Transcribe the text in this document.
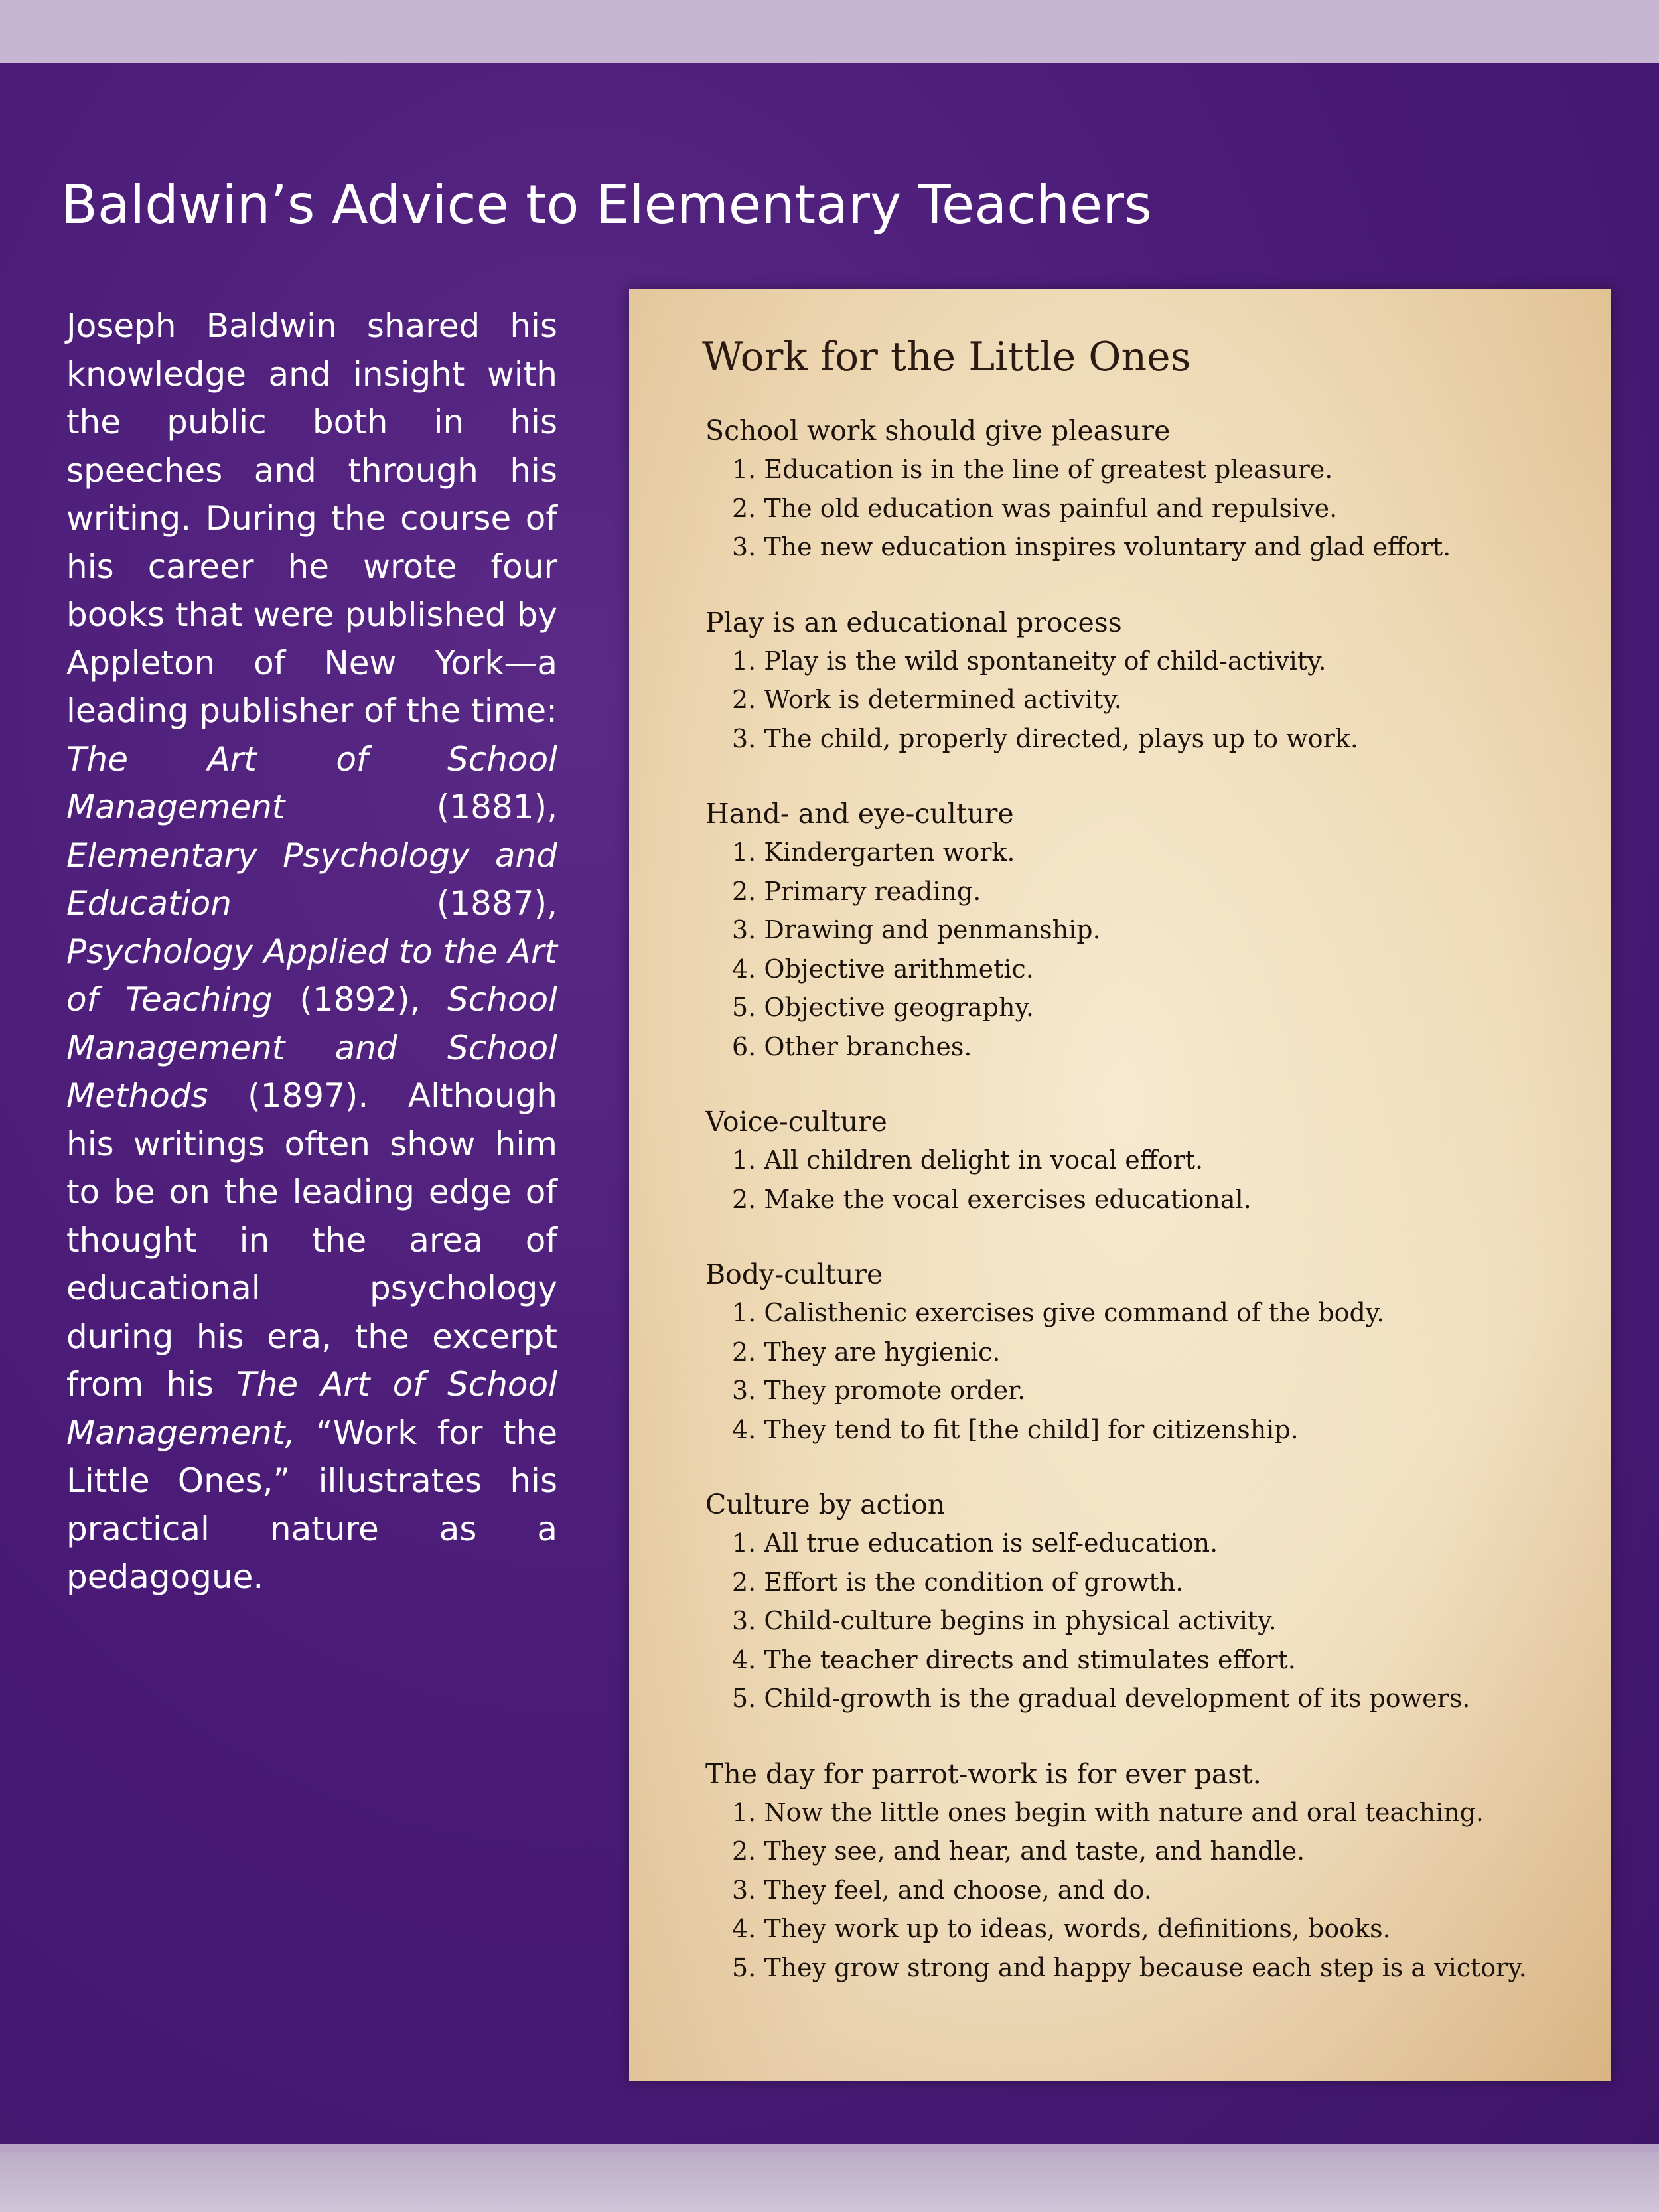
Baldwin’s Advice to Elementary Teachers

Joseph Baldwin shared his knowledge and insight with the public both in his speeches and through his writing. During the course of his career he wrote four books that were published by Appleton of New York—a leading publisher of the time: The Art of School Management (1881), Elementary Psychology and Education (1887), Psychology Applied to the Art of Teaching (1892), School Management and School Methods (1897). Although his writings often show him to be on the leading edge of thought in the area of educational psychology during his era, the excerpt from his The Art of School Management, “Work for the Little Ones,” illustrates his practical nature as a pedagogue.

Work for the Little Ones
School work should give pleasure
1. Education is in the line of greatest pleasure.
2. The old education was painful and repulsive.
3. The new education inspires voluntary and glad effort.
Play is an educational process
1. Play is the wild spontaneity of child-activity.
2. Work is determined activity.
3. The child, properly directed, plays up to work.
Hand- and eye-culture
1. Kindergarten work.
2. Primary reading.
3. Drawing and penmanship.
4. Objective arithmetic.
5. Objective geography.
6. Other branches.
Voice-culture
1. All children delight in vocal effort.
2. Make the vocal exercises educational.
Body-culture
1. Calisthenic exercises give command of the body.
2. They are hygienic.
3. They promote order.
4. They tend to fit [the child] for citizenship.
Culture by action
1. All true education is self-education.
2. Effort is the condition of growth.
3. Child-culture begins in physical activity.
4. The teacher directs and stimulates effort.
5. Child-growth is the gradual development of its powers.
The day for parrot-work is for ever past.
1. Now the little ones begin with nature and oral teaching.
2. They see, and hear, and taste, and handle.
3. They feel, and choose, and do.
4. They work up to ideas, words, definitions, books.
5. They grow strong and happy because each step is a victory.
